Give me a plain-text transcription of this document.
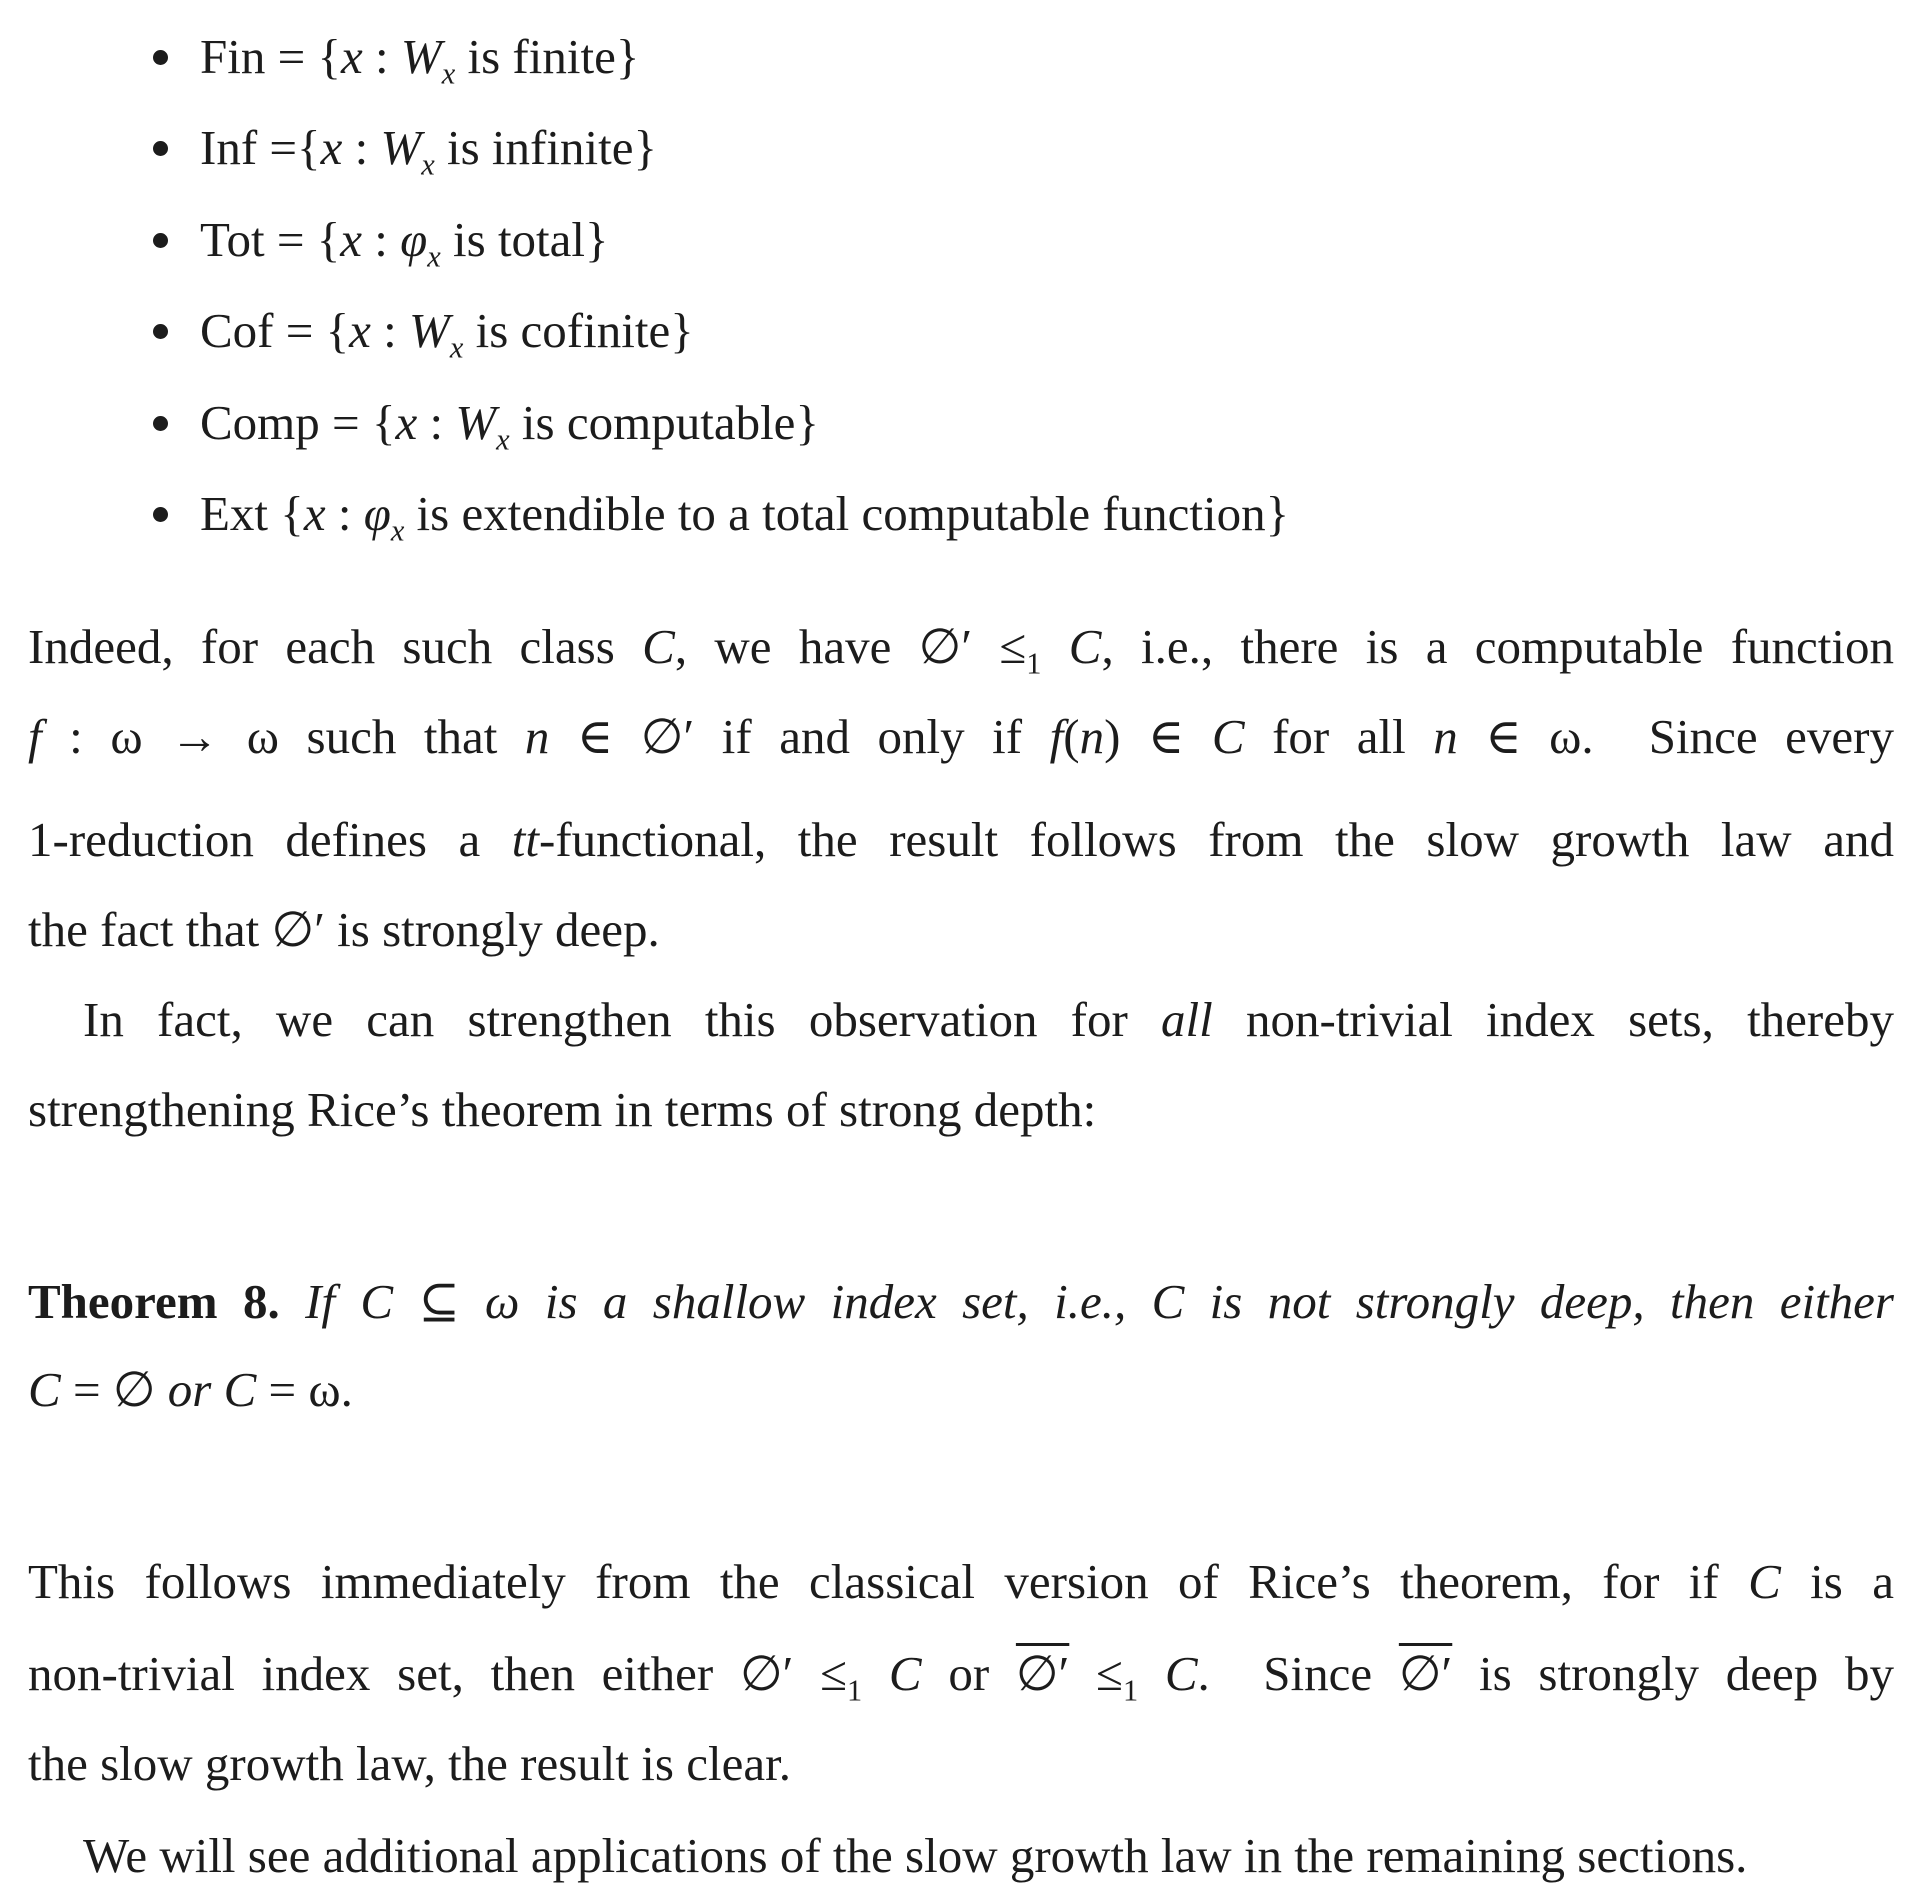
Fin = {x : $W_x$ is finite}
Inf ={x : $W_x$ is infinite}
Tot = {x : $\varphi_x$ is total}
Cof = {x : $W_x$ is cofinite}
Comp = {x : $W_x$ is computable}
Ext {x : $\varphi_x$ is extendible to a total computable function}
Indeed, for each such class C, we have ∅′ $\le_1$ C, i.e., there is a computable function
f : ω → ω such that n ∈ ∅′ if and only if f(n) ∈ C for all n ∈ ω.  Since every
1-reduction defines a tt-functional, the result follows from the slow growth law and
the fact that ∅′ is strongly deep.
In fact, we can strengthen this observation for all non-trivial index sets, thereby
strengthening Rice’s theorem in terms of strong depth:
Theorem 8. If C ⊆ ω is a shallow index set, i.e., C is not strongly deep, then either
C = ∅ or C = ω.
This follows immediately from the classical version of Rice’s theorem, for if C is a
non-trivial index set, then either ∅′ $\le_1$ C or ∅′ $\le_1$ C.  Since ∅′ is strongly deep by
the slow growth law, the result is clear.
We will see additional applications of the slow growth law in the remaining sections.
